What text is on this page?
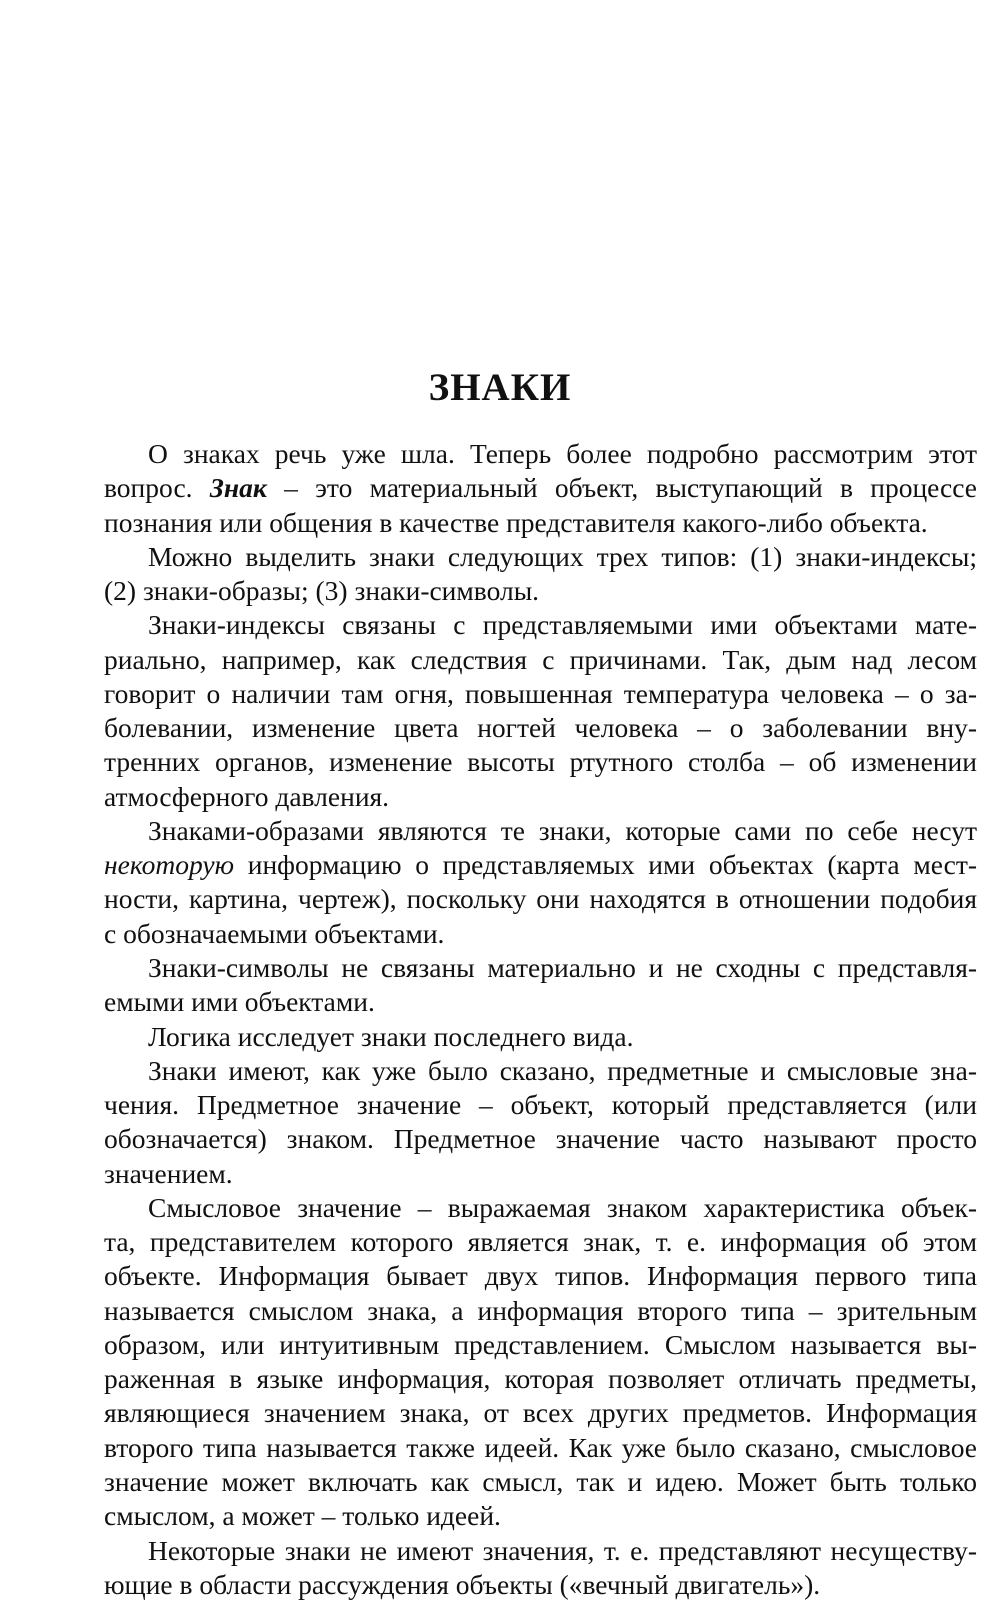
ЗНАКИ
О знаках речь уже шла. Теперь более подробно рассмотрим этот
вопрос. Знак – это материальный объект, выступающий в процессе
познания или общения в качестве представителя какого-либо объекта.
Можно выделить знаки следующих трех типов: (1) знаки-индексы;
(2) знаки-образы; (3) знаки-символы.
Знаки-индексы связаны с представляемыми ими объектами мате-
риально, например, как следствия с причинами. Так, дым над лесом
говорит о наличии там огня, повышенная температура человека – о за-
болевании, изменение цвета ногтей человека – о заболевании вну-
тренних органов, изменение высоты ртутного столба – об изменении
атмосферного давления.
Знаками-образами являются те знаки, которые сами по себе несут
некоторую информацию о представляемых ими объектах (карта мест-
ности, картина, чертеж), поскольку они находятся в отношении подобия
с обозначаемыми объектами.
Знаки-символы не связаны материально и не сходны с представля-
емыми ими объектами.
Логика исследует знаки последнего вида.
Знаки имеют, как уже было сказано, предметные и смысловые зна-
чения. Предметное значение – объект, который представляется (или
обозначается) знаком. Предметное значение часто называют просто
значением.
Смысловое значение – выражаемая знаком характеристика объек-
та, представителем которого является знак, т. е. информация об этом
объекте. Информация бывает двух типов. Информация первого типа
называется смыслом знака, а информация второго типа – зрительным
образом, или интуитивным представлением. Смыслом называется вы-
раженная в языке информация, которая позволяет отличать предметы,
являющиеся значением знака, от всех других предметов. Информация
второго типа называется также идеей. Как уже было сказано, смысловое
значение может включать как смысл, так и идею. Может быть только
смыслом, а может – только идеей.
Некоторые знаки не имеют значения, т. е. представляют несуществу-
ющие в области рассуждения объекты («вечный двигатель»).
